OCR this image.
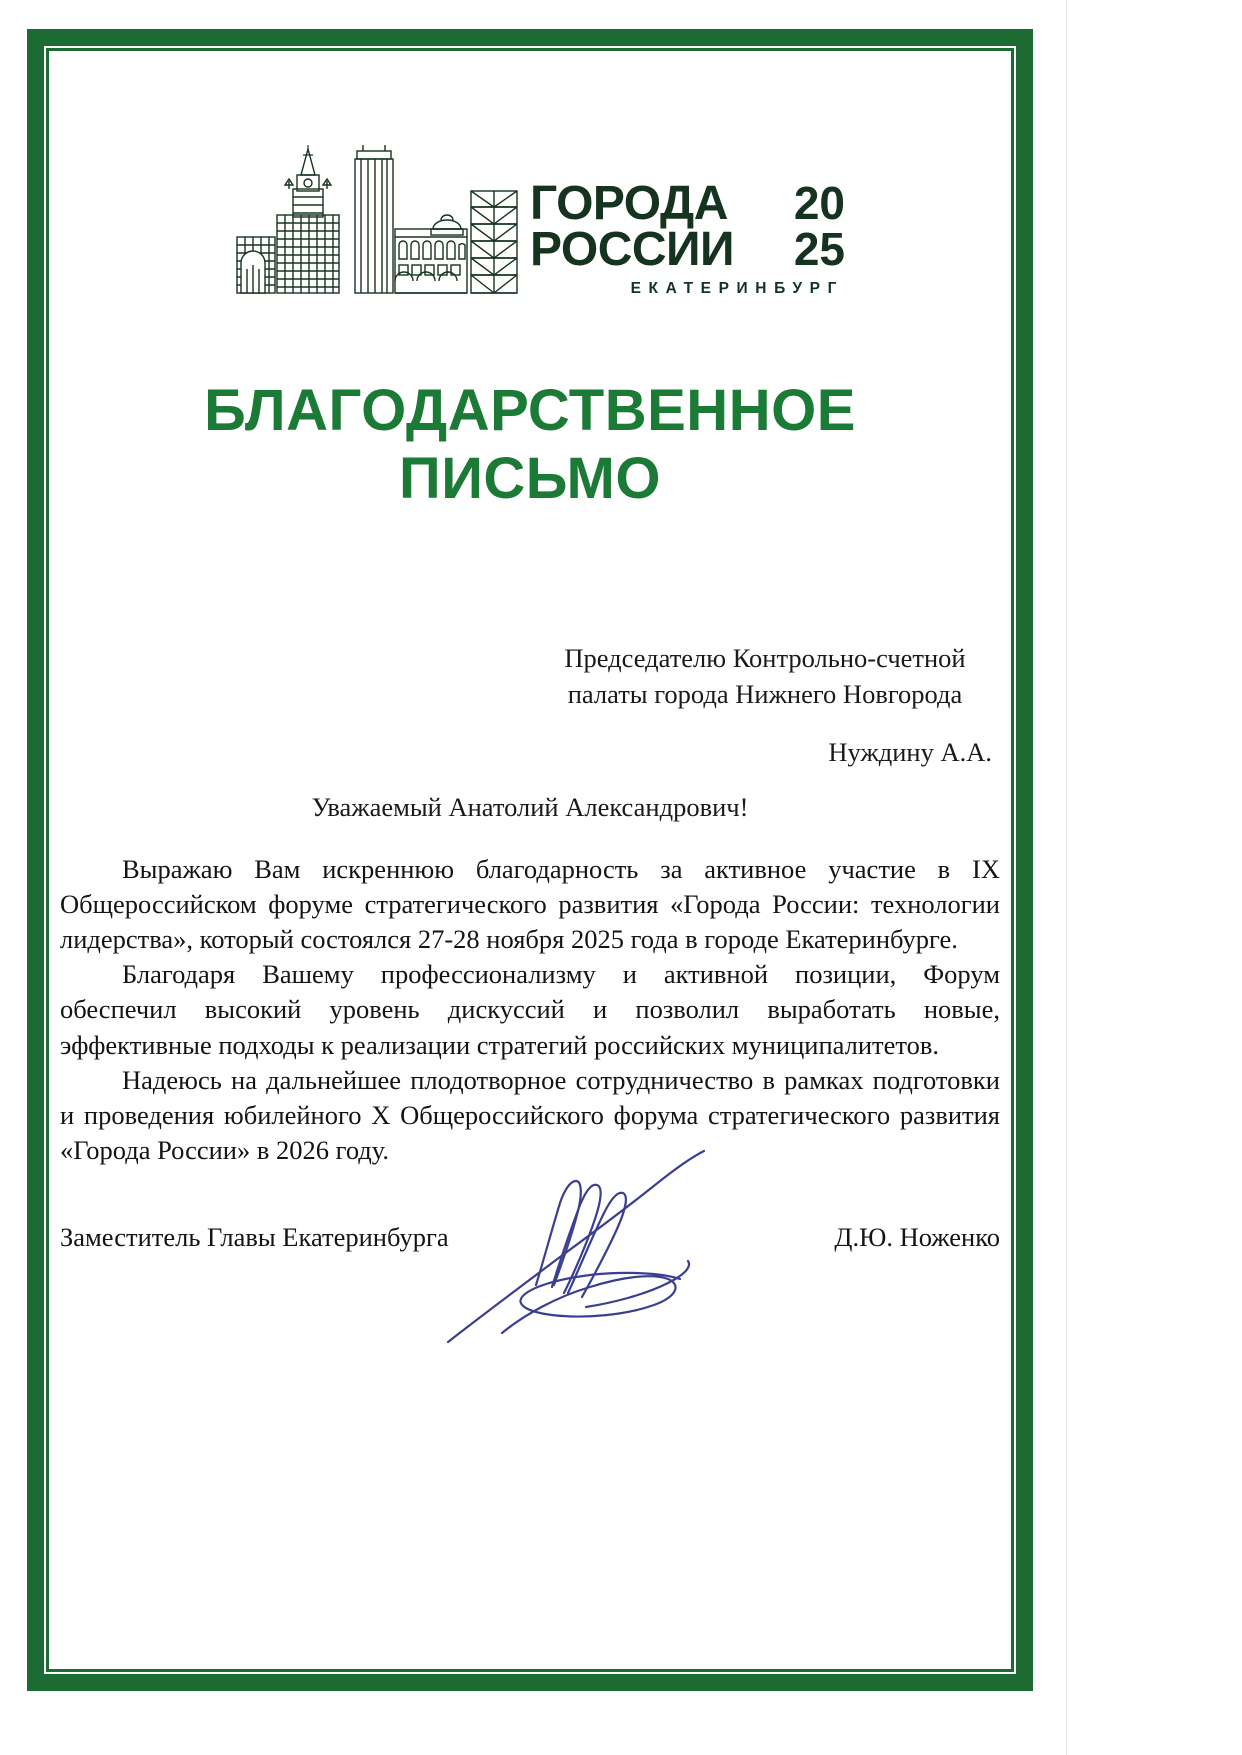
ГОРОДА 20
РОССИИ 25
ЕКАТЕРИНБУРГ
БЛАГОДАРСТВЕННОЕ
ПИСЬМО
Председателю Контрольно-счетной
палаты города Нижнего Новгорода
Нуждину А.А.
Уважаемый Анатолий Александрович!

Выражаю Вам искреннюю благодарность за активное участие в IX Общероссийском форуме стратегического развития «Города России: технологии лидерства», который состоялся 27-28 ноября 2025 года в городе Екатеринбурге.

Благодаря Вашему профессионализму и активной позиции, Форум обеспечил высокий уровень дискуссий и позволил выработать новые, эффективные подходы к реализации стратегий российских муниципалитетов.

Надеюсь на дальнейшее плодотворное сотрудничество в рамках подготовки и проведения юбилейного X Общероссийского форума стратегического развития «Города России» в 2026 году.

Заместитель Главы Екатеринбурга	Д.Ю. Ноженко
